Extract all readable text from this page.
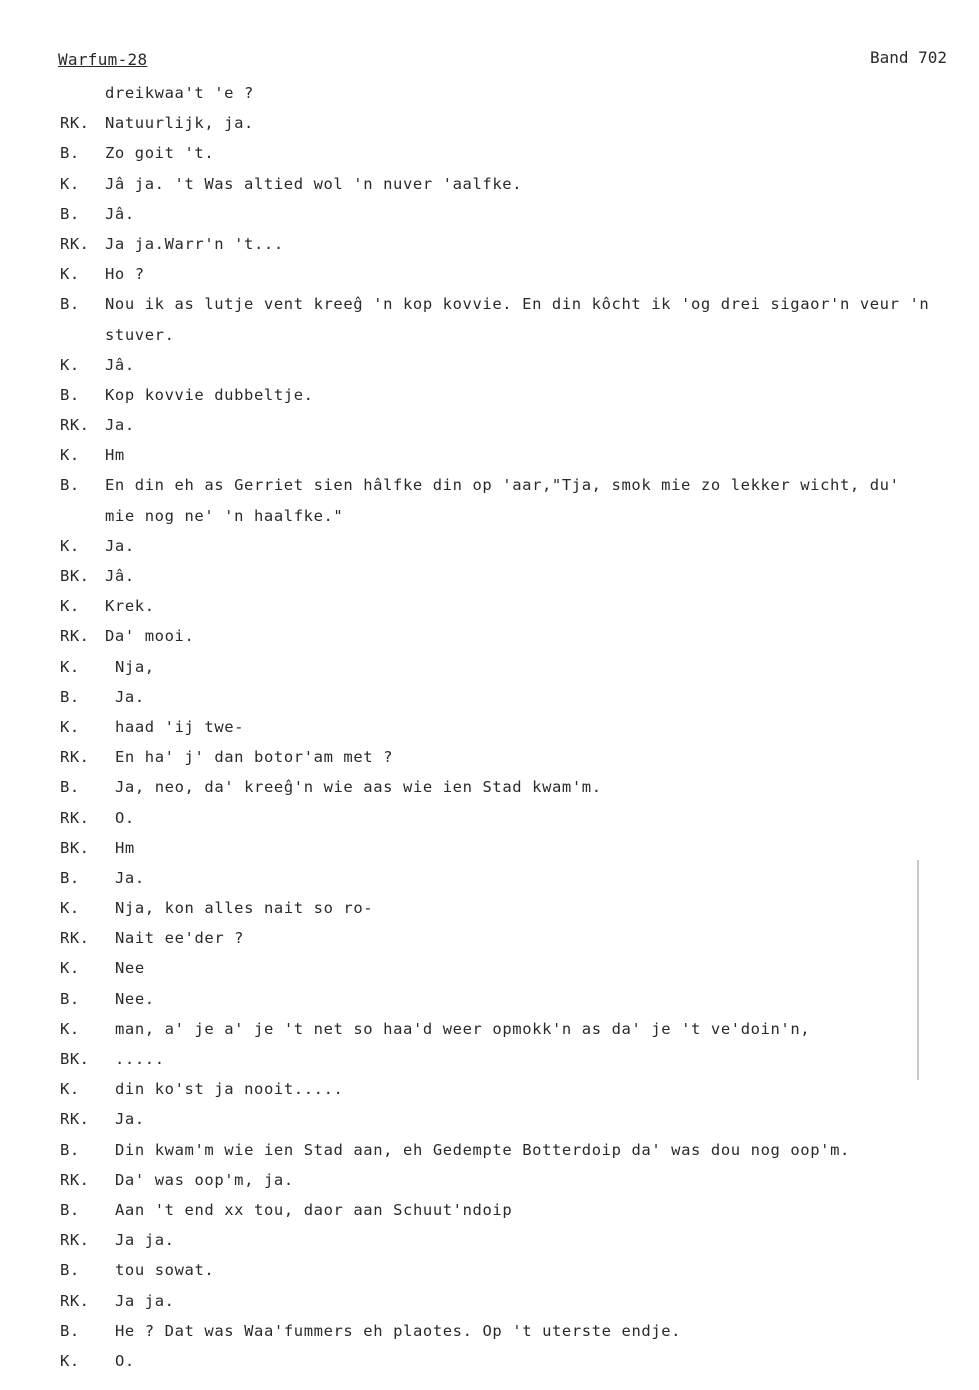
Warfum-28	Band 702
dreikwaa't 'e ?
RK. Natuurlijk, ja.
B. Zo goit 't.
K. Jâ ja. 't Was altied wol 'n nuver 'aalfke.
B. Jâ.
RK. Ja ja.Warr'n 't...
K. Ho ?
B. Nou ik as lutje vent kreeĝ 'n kop kovvie. En din kôcht ik 'og drei sigaor'n veur 'n
stuver.
K. Jâ.
B. Kop kovvie dubbeltje.
RK. Ja.
K. Hm
B. En din eh as Gerriet sien hâlfke din op 'aar,"Tja, smok mie zo lekker wicht, du'
mie nog ne' 'n haalfke."
K. Ja.
BK. Jâ.
K. Krek.
RK. Da' mooi.
K. Nja,
B. Ja.
K. haad 'ij twe-
RK. En ha' j' dan botor'am met ?
B. Ja, neo, da' kreeĝ'n wie aas wie ien Stad kwam'm.
RK. O.
BK. Hm
B. Ja.
K. Nja, kon alles nait so ro-
RK. Nait ee'der ?
K. Nee
B. Nee.
K. man, a' je a' je 't net so haa'd weer opmokk'n as da' je 't ve'doin'n,
BK. .....
K. din ko'st ja nooit.....
RK. Ja.
B. Din kwam'm wie ien Stad aan, eh Gedempte Botterdoip da' was dou nog oop'm.
RK. Da' was oop'm, ja.
B. Aan 't end xx tou, daor aan Schuut'ndoip
RK. Ja ja.
B. tou sowat.
RK. Ja ja.
B. He ? Dat was Waa'fummers eh plaotes. Op 't uterste endje.
K. O.
